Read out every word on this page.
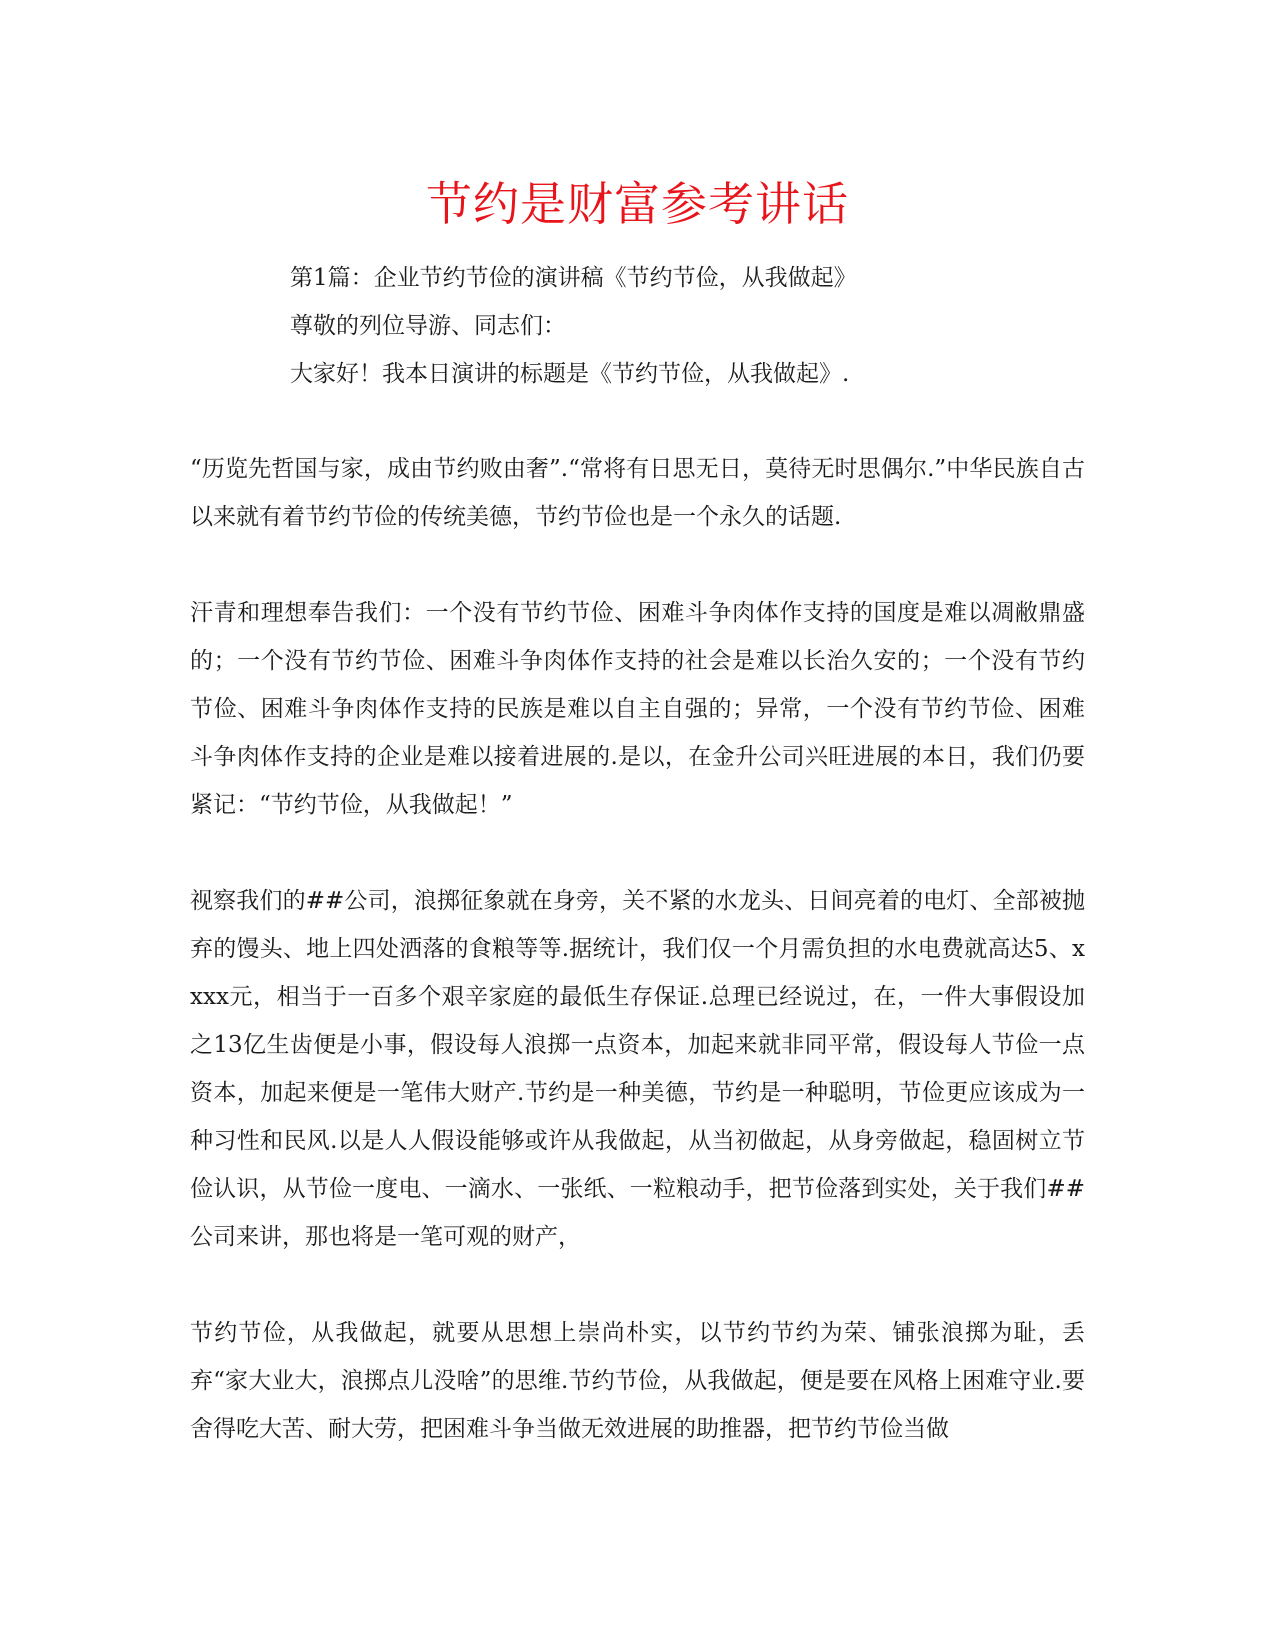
节约是财富参考讲话
第1篇：企业节约节俭的演讲稿《节约节俭，从我做起》
尊敬的列位导游、同志们：
大家好！我本日演讲的标题是《节约节俭，从我做起》.

“历览先哲国与家，成由节约败由奢”.“常将有日思无日，莫待无时思偶尔.”中华民族自古以来就有着节约节俭的传统美德，节约节俭也是一个永久的话题.

汗青和理想奉告我们：一个没有节约节俭、困难斗争肉体作支持的国度是难以凋敝鼎盛的；一个没有节约节俭、困难斗争肉体作支持的社会是难以长治久安的；一个没有节约节俭、困难斗争肉体作支持的民族是难以自主自强的；异常，一个没有节约节俭、困难斗争肉体作支持的企业是难以接着进展的.是以，在金升公司兴旺进展的本日，我们仍要紧记：“节约节俭，从我做起！”

视察我们的##公司，浪掷征象就在身旁，关不紧的水龙头、日间亮着的电灯、全部被抛弃的馒头、地上四处洒落的食粮等等.据统计，我们仅一个月需负担的水电费就高达5、xxxx元，相当于一百多个艰辛家庭的最低生存保证.总理已经说过，在，一件大事假设加之13亿生齿便是小事，假设每人浪掷一点资本，加起来就非同平常，假设每人节俭一点资本，加起来便是一笔伟大财产.节约是一种美德，节约是一种聪明，节俭更应该成为一种习性和民风.以是人人假设能够或许从我做起，从当初做起，从身旁做起，稳固树立节俭认识，从节俭一度电、一滴水、一张纸、一粒粮动手，把节俭落到实处，关于我们##公司来讲，那也将是一笔可观的财产，

节约节俭，从我做起，就要从思想上崇尚朴实，以节约节约为荣、铺张浪掷为耻，丢弃“家大业大，浪掷点儿没啥”的思维.节约节俭，从我做起，便是要在风格上困难守业.要舍得吃大苦、耐大劳，把困难斗争当做无效进展的助推器，把节约节俭当做
